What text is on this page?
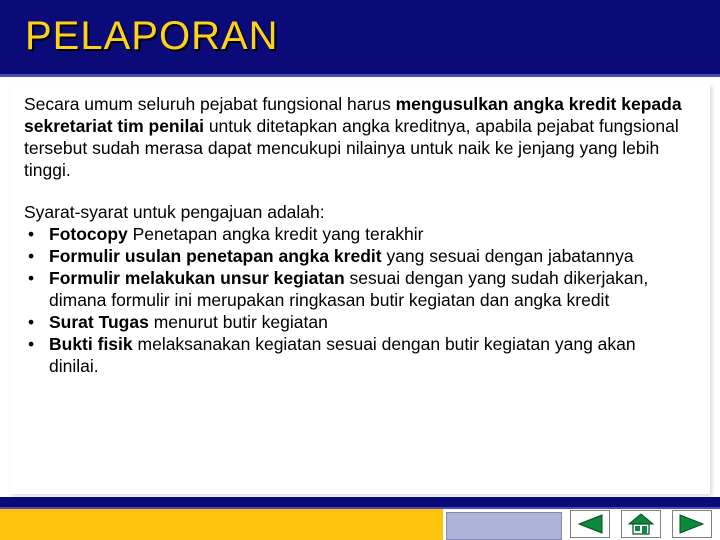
PELAPORAN

Secara umum seluruh pejabat fungsional harus mengusulkan angka kredit kepada sekretariat tim penilai untuk ditetapkan angka kreditnya, apabila pejabat fungsional tersebut sudah merasa dapat mencukupi nilainya untuk naik ke jenjang yang lebih tinggi.

Syarat-syarat untuk pengajuan adalah:

• Fotocopy Penetapan angka kredit yang terakhir
• Formulir usulan penetapan angka kredit yang sesuai dengan jabatannya
• Formulir melakukan unsur kegiatan sesuai dengan yang sudah dikerjakan, dimana formulir ini merupakan ringkasan butir kegiatan dan angka kredit
• Surat Tugas menurut butir kegiatan
• Bukti fisik melaksanakan kegiatan sesuai dengan butir kegiatan yang akan dinilai.
